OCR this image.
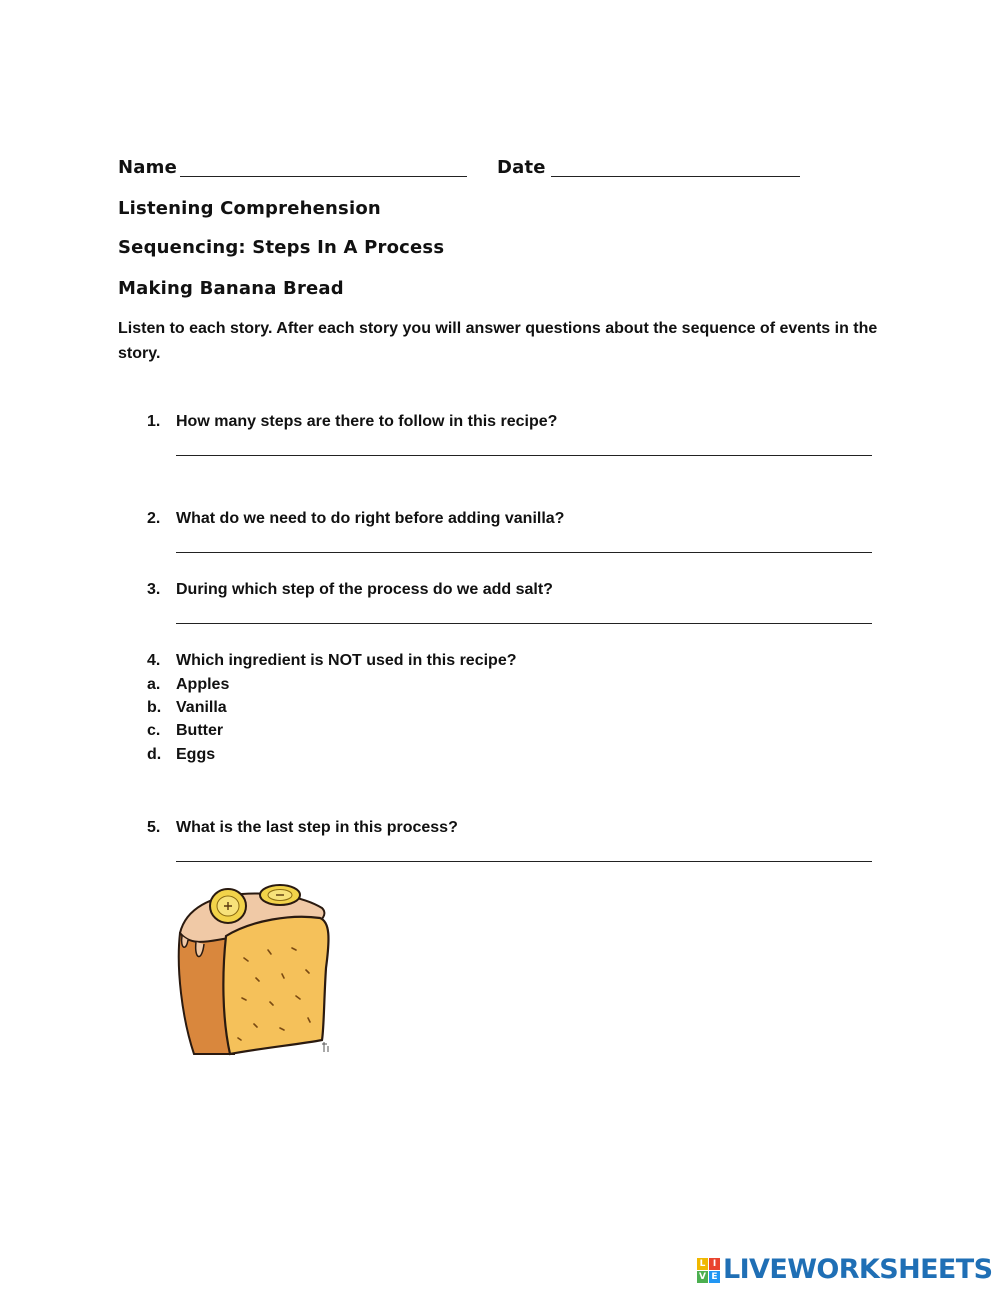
Name	Date
Listening Comprehension
Sequencing: Steps In A Process
Making Banana Bread
Listen to each story. After each story you will answer questions about the sequence of events in the
story.
1. How many steps are there to follow in this recipe?
2. What do we need to do right before adding vanilla?
3. During which step of the process do we add salt?
4. Which ingredient is NOT used in this recipe?
a. Apples
b. Vanilla
c. Butter
d. Eggs
5. What is the last step in this process?
L I
V E LIVEWORKSHEETS
